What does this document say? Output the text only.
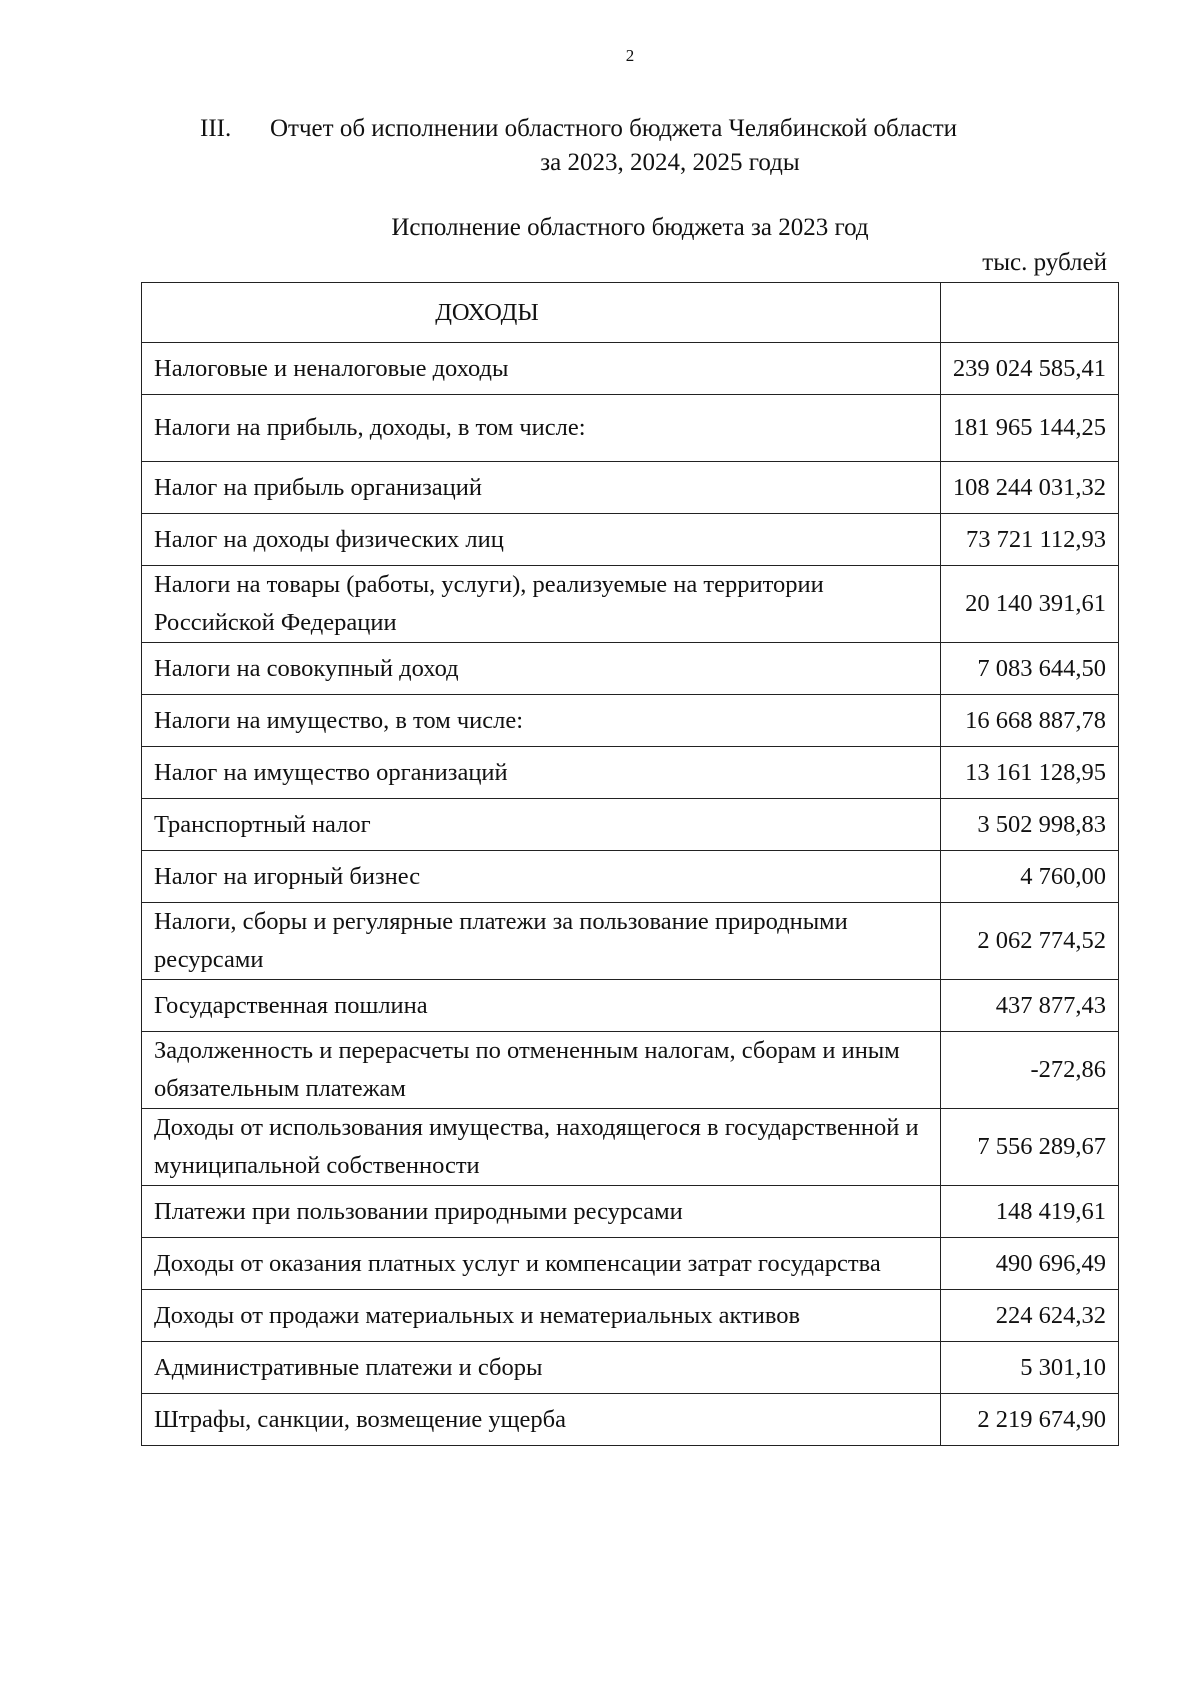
2
III.	Отчет об исполнении областного бюджета Челябинской области
за 2023, 2024, 2025 годы
Исполнение областного бюджета за 2023 год
тыс. рублей
ДОХОДЫ	
Налоговые и неналоговые доходы	239 024 585,41
Налоги на прибыль, доходы, в том числе:	181 965 144,25
Налог на прибыль организаций	108 244 031,32
Налог на доходы физических лиц	73 721 112,93
Налоги на товары (работы, услуги), реализуемые на территории Российской Федерации	20 140 391,61
Налоги на совокупный доход	7 083 644,50
Налоги на имущество, в том числе:	16 668 887,78
Налог на имущество организаций	13 161 128,95
Транспортный налог	3 502 998,83
Налог на игорный бизнес	4 760,00
Налоги, сборы и регулярные платежи за пользование природными ресурсами	2 062 774,52
Государственная пошлина	437 877,43
Задолженность и перерасчеты по отмененным налогам, сборам и иным обязательным платежам	-272,86
Доходы от использования имущества, находящегося в государственной и муниципальной собственности	7 556 289,67
Платежи при пользовании природными ресурсами	148 419,61
Доходы от оказания платных услуг и компенсации затрат государства	490 696,49
Доходы от продажи материальных и нематериальных активов	224 624,32
Административные платежи и сборы	5 301,10
Штрафы, санкции, возмещение ущерба	2 219 674,90
